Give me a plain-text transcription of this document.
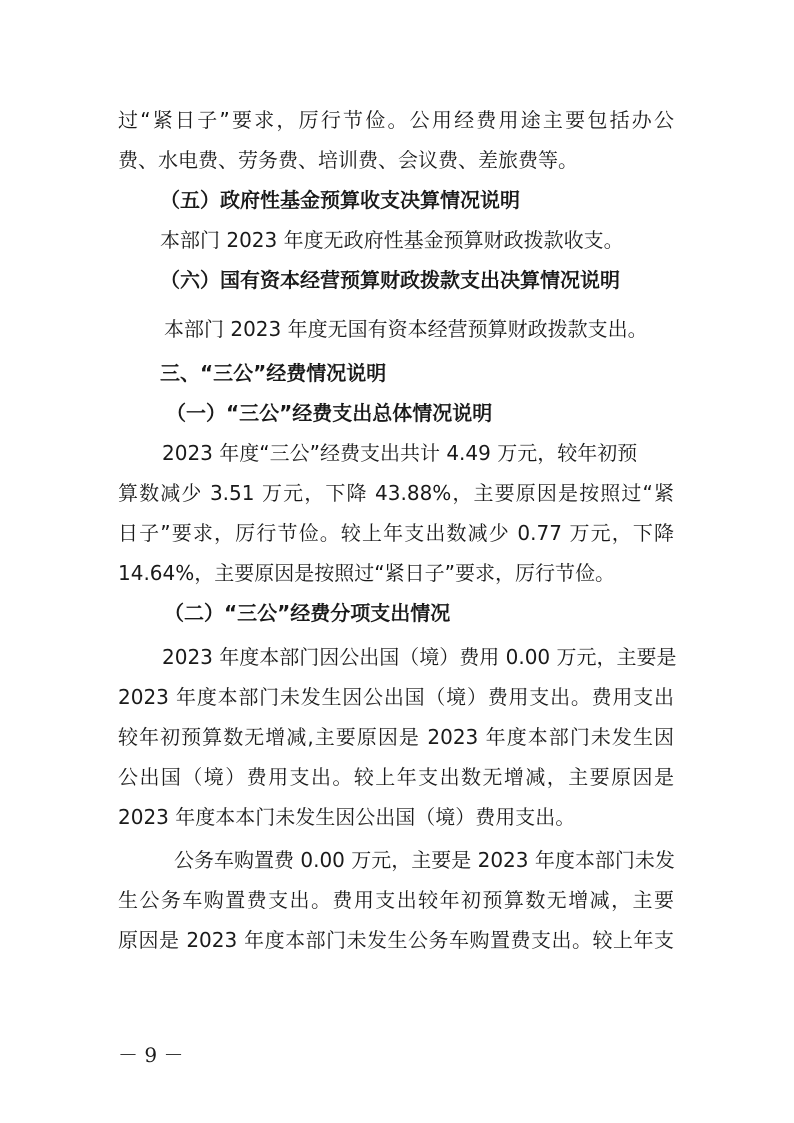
过“紧日子”要求，厉行节俭。公用经费用途主要包括办公
费、水电费、劳务费、培训费、会议费、差旅费等。
（五）政府性基金预算收支决算情况说明
本部门 2023 年度无政府性基金预算财政拨款收支。
（六）国有资本经营预算财政拨款支出决算情况说明
本部门 2023 年度无国有资本经营预算财政拨款支出。
三、“三公”经费情况说明
（一）“三公”经费支出总体情况说明
2023 年度“三公”经费支出共计 4.49 万元，较年初预
算数减少 3.51 万元，下降 43.88%，主要原因是按照过“紧
日子”要求，厉行节俭。较上年支出数减少 0.77 万元，下降
14.64%，主要原因是按照过“紧日子”要求，厉行节俭。
（二）“三公”经费分项支出情况
2023 年度本部门因公出国（境）费用 0.00 万元，主要是
2023 年度本部门未发生因公出国（境）费用支出。费用支出
较年初预算数无增减,主要原因是 2023 年度本部门未发生因
公出国（境）费用支出。较上年支出数无增减，主要原因是
2023 年度本本门未发生因公出国（境）费用支出。
公务车购置费 0.00 万元，主要是 2023 年度本部门未发
生公务车购置费支出。费用支出较年初预算数无增减，主要
原因是 2023 年度本部门未发生公务车购置费支出。较上年支
－ 9 －
